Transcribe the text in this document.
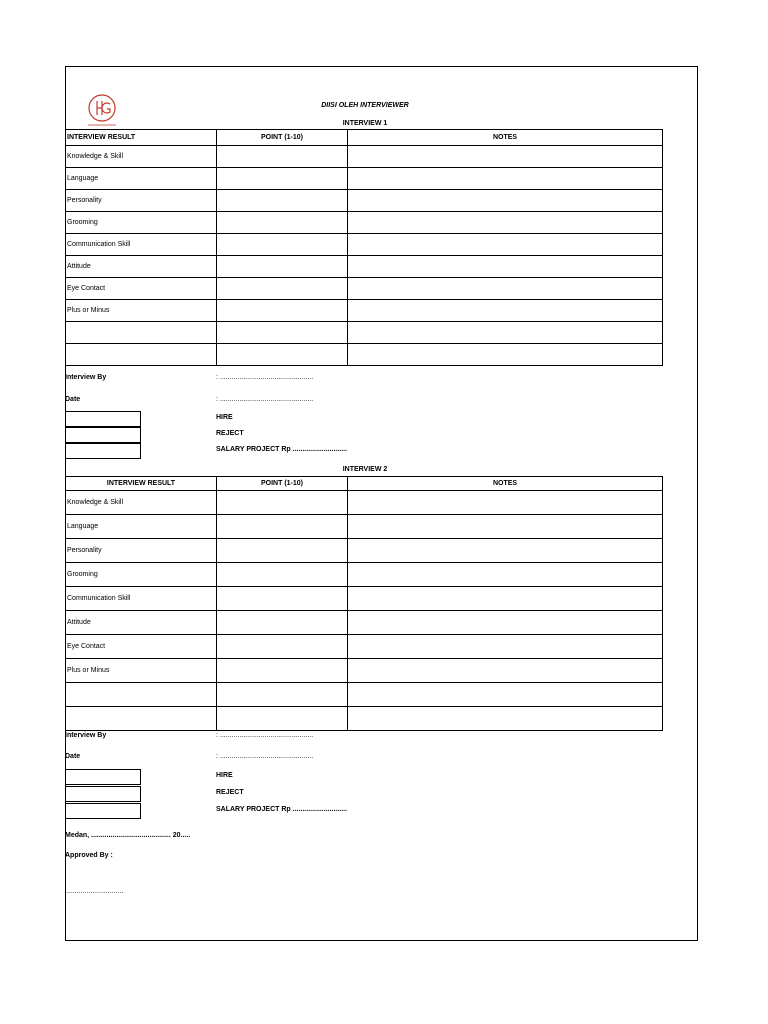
DIISI OLEH INTERVIEWER
INTERVIEW 1
INTERVIEW RESULT	POINT (1-10)	NOTES
Knowledge & Skill		
Language		
Personality		
Grooming		
Communication Skill		
Attitude		
Eye Contact		
Plus or Minus		

Interview By	: ................................................
Date	: ................................................
HIRE
REJECT
SALARY PROJECT Rp ............................
INTERVIEW 2
INTERVIEW RESULT	POINT (1-10)	NOTES
Knowledge & Skill		
Language		
Personality		
Grooming		
Communication Skill		
Attitude		
Eye Contact		
Plus or Minus		

Interview By	: ................................................
Date	: ................................................
HIRE
REJECT
SALARY PROJECT Rp ............................
Medan, ......................................... 20.....
Approved By :
..............................
